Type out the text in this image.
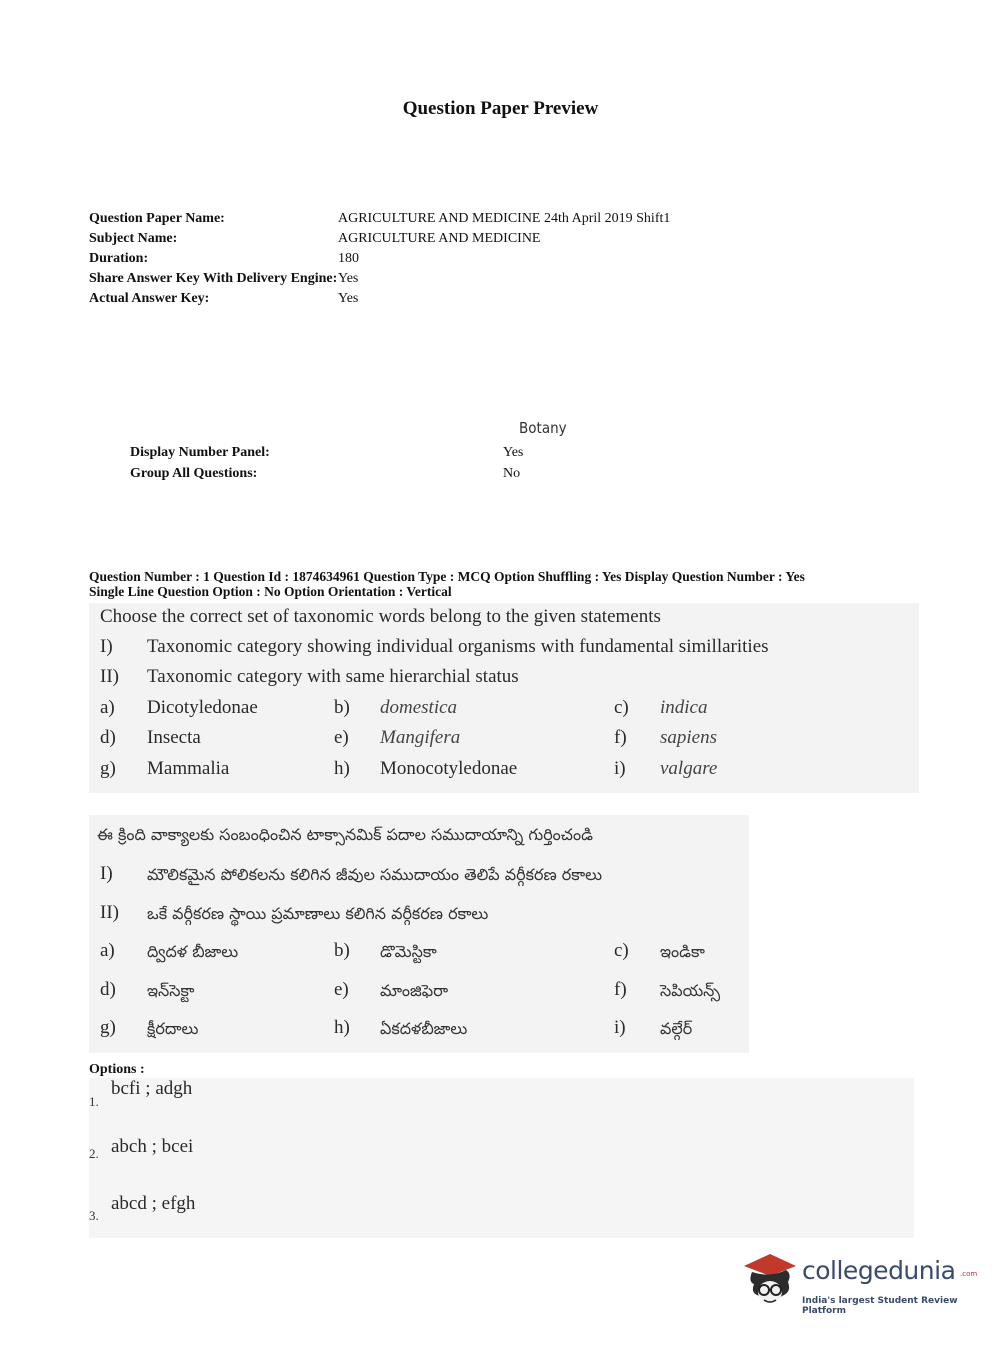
Question Paper Preview
Question Paper Name:	AGRICULTURE AND MEDICINE 24th April 2019 Shift1
Subject Name:	AGRICULTURE AND MEDICINE
Duration:	180
Share Answer Key With Delivery Engine: Yes
Actual Answer Key:	Yes
Botany
Display Number Panel:	Yes
Group All Questions:	No
Question Number : 1 Question Id : 1874634961 Question Type : MCQ Option Shuffling : Yes Display Question Number : Yes
Single Line Question Option : No Option Orientation : Vertical
Choose the correct set of taxonomic words belong to the given statements
I) Taxonomic category showing individual organisms with fundamental simillarities
II) Taxonomic category with same hierarchial status
a) Dicotyledonae	b) domestica	c) indica
d) Insecta	e) Mangifera	f) sapiens
g) Mammalia	h) Monocotyledonae	i) valgare
ఈ క్రింది వాక్యాలకు సంబంధించిన టాక్సానమిక్ పదాల సముదాయాన్ని గుర్తించండి
I) మౌలికమైన పోలికలను కలిగిన జీవుల సముదాయం తెలిపే వర్గీకరణ రకాలు
II) ఒకే వర్గీకరణ స్థాయి ప్రమాణాలు కలిగిన వర్గీకరణ రకాలు
a) ద్విదళ బీజాలు	b) డొమెస్టికా	c) ఇండికా
d) ఇన్‌సెక్టా	e) మాంజిఫెరా	f) సెపియన్స్
g) క్షీరదాలు	h) ఏకదళబీజాలు	i) వల్గేర్
Options :
1.
bcfi ; adgh
2. abch ; bcei
3.
abcd ; efgh
collegedunia .com
India's largest Student Review Platform
